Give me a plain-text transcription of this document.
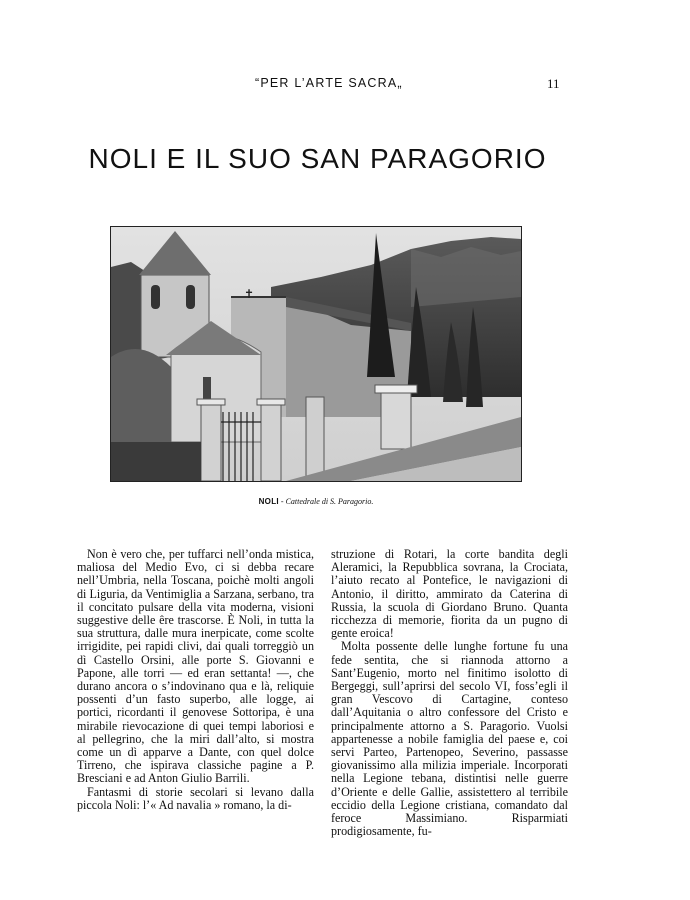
“PER L’ARTE SACRA„	11
NOLI E IL SUO SAN PARAGORIO
✝
NOLI - Cattedrale di S. Paragorio.

Non è vero che, per tuffarci nell’onda mistica, maliosa del Medio Evo, ci si debba recare nell’Umbria, nella Toscana, poichè molti angoli di Liguria, da Ventimiglia a Sarzana, serbano, tra il concitato pulsare della vita moderna, visioni suggestive delle êre trascorse. È Noli, in tutta la sua struttura, dalle mura inerpicate, come scolte irrigidite, pei rapidi clivi, dai quali torreggiò un dì Castello Orsini, alle porte S. Giovanni e Papone, alle torri — ed eran settanta! —, che durano ancora o s’indovinano qua e là, reliquie possenti d’un fasto superbo, alle logge, ai portici, ricordanti il genovese Sottoripa, è una mirabile rievocazione di quei tempi laboriosi e al pellegrino, che la miri dall’alto, si mostra come un dì apparve a Dante, con quel dolce Tirreno, che ispirava classiche pagine a P. Bresciani e ad Anton Giulio Barrili.

Fantasmi di storie secolari si levano dalla piccola Noli: l’« Ad navalia » romano, la di-

struzione di Rotari, la corte bandita degli Aleramici, la Repubblica sovrana, la Crociata, l’aiuto recato al Pontefice, le navigazioni di Antonio, il diritto, ammirato da Caterina di Russia, la scuola di Giordano Bruno. Quanta ricchezza di memorie, fiorita da un pugno di gente eroica!

Molta possente delle lunghe fortune fu una fede sentita, che si riannoda attorno a Sant’Eugenio, morto nel finitimo isolotto di Bergeggi, sull’aprirsi del secolo VI, foss’egli il gran Vescovo di Cartagine, conteso dall’Aquitania o altro confessore del Cristo e principalmente attorno a S. Paragorio. Vuolsi appartenesse a nobile famiglia del paese e, coi servi Parteo, Partenopeo, Severino, passasse giovanissimo alla milizia imperiale. Incorporati nella Legione tebana, distintisi nelle guerre d’Oriente e delle Gallie, assistettero al terribile eccidio della Legione cristiana, comandato dal feroce Massimiano. Risparmiati prodigiosamente, fu-
